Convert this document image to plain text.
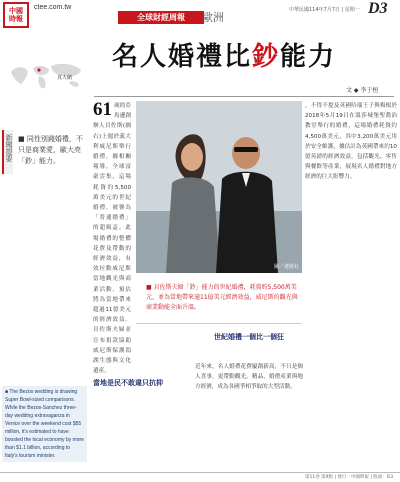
中國
時報
ctee.com.tw
全球財經周報	歐洲
中華民國114年7月7日 | 星期一 D3
真人網
新聞提要 ■ 同性別錢婚禮，不只是商業愛，歐大亮「鈔」能力。
■ The Bezos wedding is drawing Super Bowl-sized comparisons. While the Bezos-Sanchez three-day wedding extravaganza in Venice over the weekend cost $55 million, it's estimated to have boosted the local economy by more than $1.1 billion, according to Italy's tourism minister.
名人婚禮比鈔能力
文 ◆ 李于桓
61 歲的亞馬遜創辦人貝佐斯(圖右)上週於義大利威尼斯舉行婚禮，據相關報導，全球富豪雲集，這場耗資約5,500萬美元的世紀婚禮，被譽為「普通婚禮」的超級盃。此場婚禮的整體花費及帶動的經濟效益，有效拉動威尼斯當地觀光與商業活動，預估將為當地帶來超過11億美元的經濟效益。貝佐斯夫婦並宣布捐款協助威尼斯保護潟湖生態與文化遺產。
當地是民不敢違只抗抑
圖／達路社
■ 貝佐斯夫婦「鈔」能力的世紀婚禮，耗資約5,500萬美元，並為當地帶來逾11億美元經濟效益，威尼斯的觀光與商業動能全面升溫。
世紀婚禮一個比一個狂
近年來，名人婚禮花費屢創新高，不只是個人喜事，更帶動觀光、精品、婚禮產業與地方經濟，成為各國爭相爭取的大型活動。
，不得不提及英國哈瑞王子與梅根於2018年5月19日在溫莎城堡聖喬治教堂舉行的婚禮，這場婚禮耗資約4,500萬美元，其中3,200萬美元用於安全維護，據估計為英國帶來約10億英鎊的經濟效益，包括觀光、零售與餐飲等產業，展現名人婚禮對地方經濟的巨大影響力。
第11卷 第9版 | 發行：中國時報 | 版面：D3
